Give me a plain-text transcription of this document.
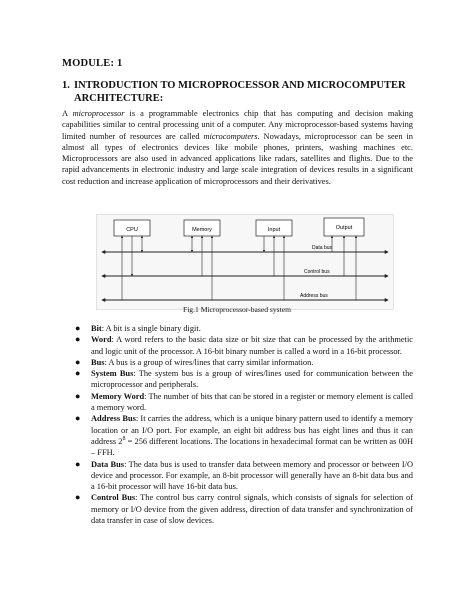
MODULE: 1
1. INTRODUCTION TO MICROPROCESSOR AND MICROCOMPUTER
ARCHITECTURE:
A microprocessor is a programmable electronics chip that has computing and decision making capabilities similar to central processing unit of a computer. Any microprocessor-based systems having limited number of resources are called microcomputers. Nowadays, microprocessor can be seen in almost all types of electronics devices like mobile phones, printers, washing machines etc. Microprocessors are also used in advanced applications like radars, satellites and flights. Due to the rapid advancements in electronic industry and large scale integration of devices results in a significant cost reduction and increase application of microprocessors and their derivatives.
CPU	Memory	Input	Output
Data bus
Control bus
Address bus
Fig.1 Microprocessor-based system
● Bit: A bit is a single binary digit.
● Word: A word refers to the basic data size or bit size that can be processed by the arithmetic and logic unit of the processor. A 16-bit binary number is called a word in a 16-bit processor.
● Bus: A bus is a group of wires/lines that carry similar information.
● System Bus: The system bus is a group of wires/lines used for communication between the microprocessor and peripherals.
● Memory Word: The number of bits that can be stored in a register or memory element is called a memory word.
● Address Bus: It carries the address, which is a unique binary pattern used to identify a memory location or an I/O port. For example, an eight bit address bus has eight lines and thus it can address $2^8 = 256$ different locations. The locations in hexadecimal format can be written as 00H – FFH.
● Data Bus: The data bus is used to transfer data between memory and processor or between I/O device and processor. For example, an 8-bit processor will generally have an 8-bit data bus and a 16-bit processor will have 16-bit data bus.
● Control Bus: The control bus carry control signals, which consists of signals for selection of memory or I/O device from the given address, direction of data transfer and synchronization of data transfer in case of slow devices.
